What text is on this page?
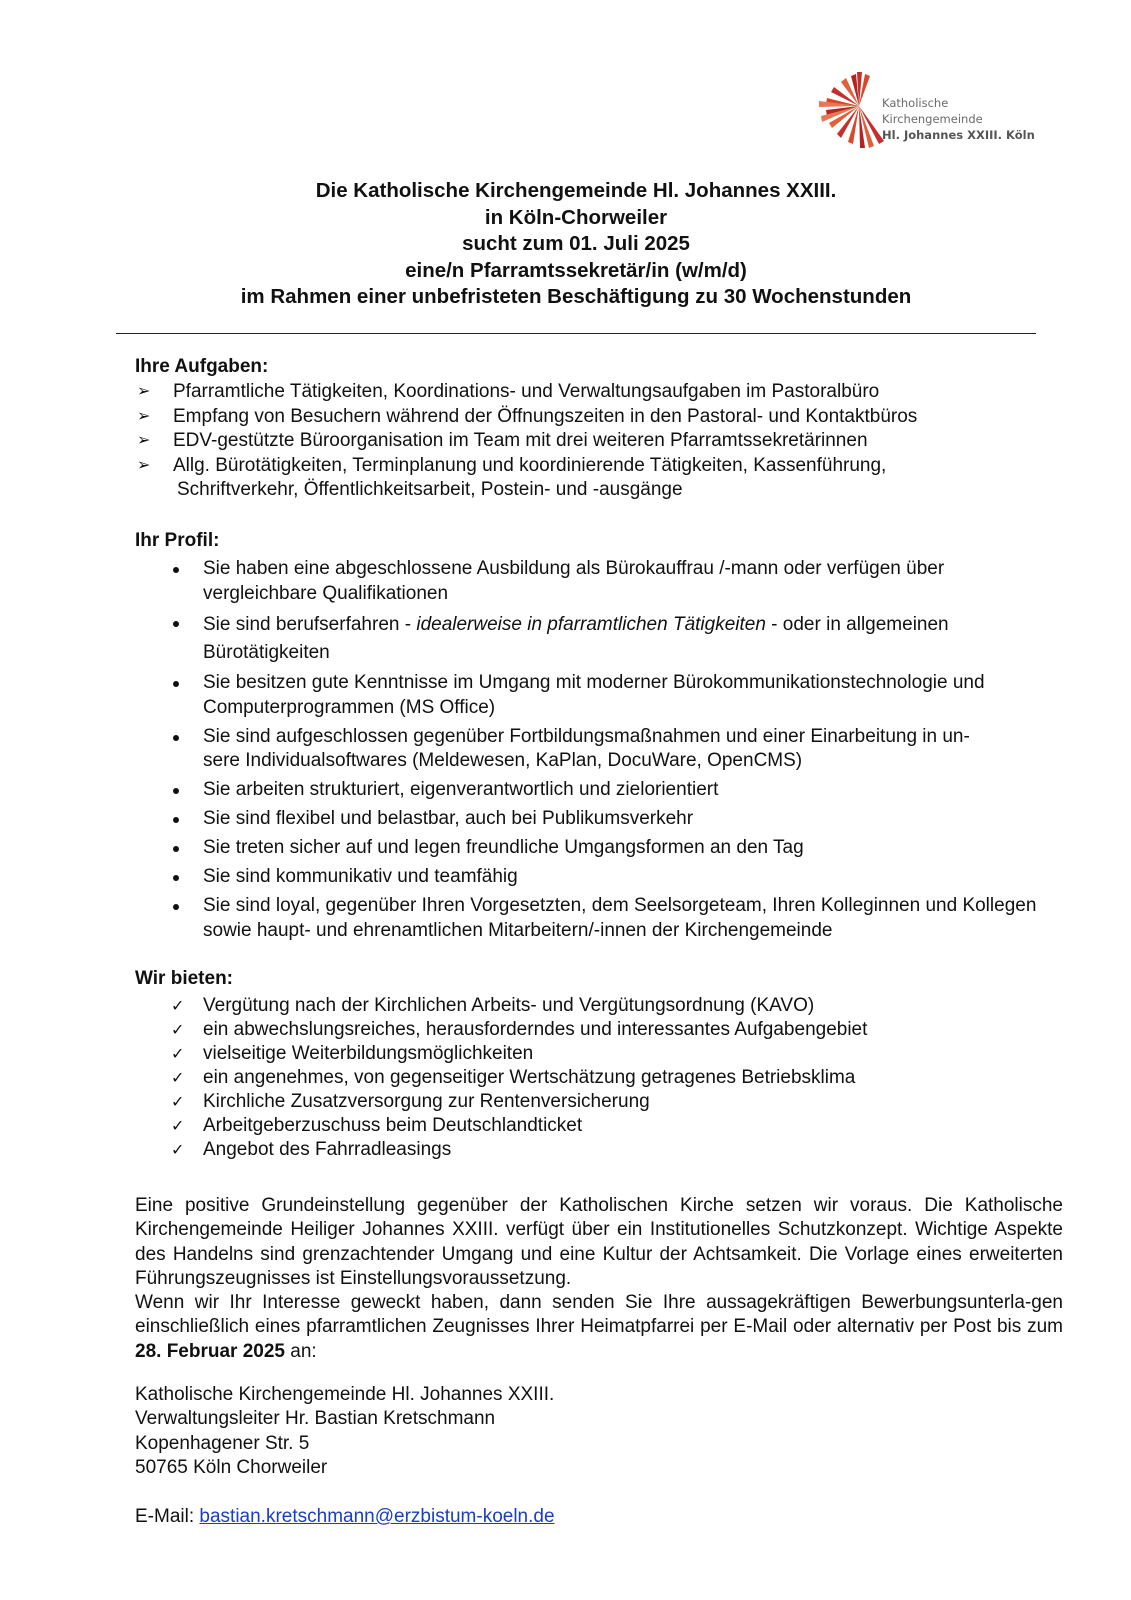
Katholische Kirchengemeinde
Hl. Johannes XXIII. Köln
Die Katholische Kirchengemeinde Hl. Johannes XXIII.
in Köln-Chorweiler
sucht zum 01. Juli 2025
eine/n Pfarramtssekretär/in (w/m/d)
im Rahmen einer unbefristeten Beschäftigung zu 30 Wochenstunden
Ihre Aufgaben:
➢ Pfarramtliche Tätigkeiten, Koordinations- und Verwaltungsaufgaben im Pastoralbüro
➢ Empfang von Besuchern während der Öffnungszeiten in den Pastoral- und Kontaktbüros
➢ EDV-gestützte Büroorganisation im Team mit drei weiteren Pfarramtssekretärinnen
➢ Allg. Bürotätigkeiten, Terminplanung und koordinierende Tätigkeiten, Kassenführung,
Schriftverkehr, Öffentlichkeitsarbeit, Postein- und -ausgänge
Ihr Profil:
Sie haben eine abgeschlossene Ausbildung als Bürokauffrau /-mann oder verfügen über vergleichbare Qualifikationen
Sie sind berufserfahren - idealerweise in pfarramtlichen Tätigkeiten - oder in allgemeinen Bürotätigkeiten
Sie besitzen gute Kenntnisse im Umgang mit moderner Bürokommunikationstechnologie und Computerprogrammen (MS Office)
Sie sind aufgeschlossen gegenüber Fortbildungsmaßnahmen und einer Einarbeitung in un-
sere Individualsoftwares (Meldewesen, KaPlan, DocuWare, OpenCMS)
Sie arbeiten strukturiert, eigenverantwortlich und zielorientiert
Sie sind flexibel und belastbar, auch bei Publikumsverkehr
Sie treten sicher auf und legen freundliche Umgangsformen an den Tag
Sie sind kommunikativ und teamfähig
Sie sind loyal, gegenüber Ihren Vorgesetzten, dem Seelsorgeteam, Ihren Kolleginnen und Kollegen sowie haupt- und ehrenamtlichen Mitarbeitern/-innen der Kirchengemeinde
Wir bieten:
✓ Vergütung nach der Kirchlichen Arbeits- und Vergütungsordnung (KAVO)
✓ ein abwechslungsreiches, herausforderndes und interessantes Aufgabengebiet
✓ vielseitige Weiterbildungsmöglichkeiten
✓ ein angenehmes, von gegenseitiger Wertschätzung getragenes Betriebsklima
✓ Kirchliche Zusatzversorgung zur Rentenversicherung
✓ Arbeitgeberzuschuss beim Deutschlandticket
✓ Angebot des Fahrradleasings
Eine positive Grundeinstellung gegenüber der Katholischen Kirche setzen wir voraus. Die Katholische Kirchengemeinde Heiliger Johannes XXIII. verfügt über ein Institutionelles Schutzkonzept. Wichtige Aspekte des Handelns sind grenzachtender Umgang und eine Kultur der Achtsamkeit. Die Vorlage eines erweiterten Führungszeugnisses ist Einstellungsvoraussetzung.
Wenn wir Ihr Interesse geweckt haben, dann senden Sie Ihre aussagekräftigen Bewerbungsunterla-gen einschließlich eines pfarramtlichen Zeugnisses Ihrer Heimatpfarrei per E-Mail oder alternativ per Post bis zum 28. Februar 2025 an:
Katholische Kirchengemeinde Hl. Johannes XXIII.
Verwaltungsleiter Hr. Bastian Kretschmann
Kopenhagener Str. 5
50765 Köln Chorweiler
E-Mail: bastian.kretschmann@erzbistum-koeln.de
